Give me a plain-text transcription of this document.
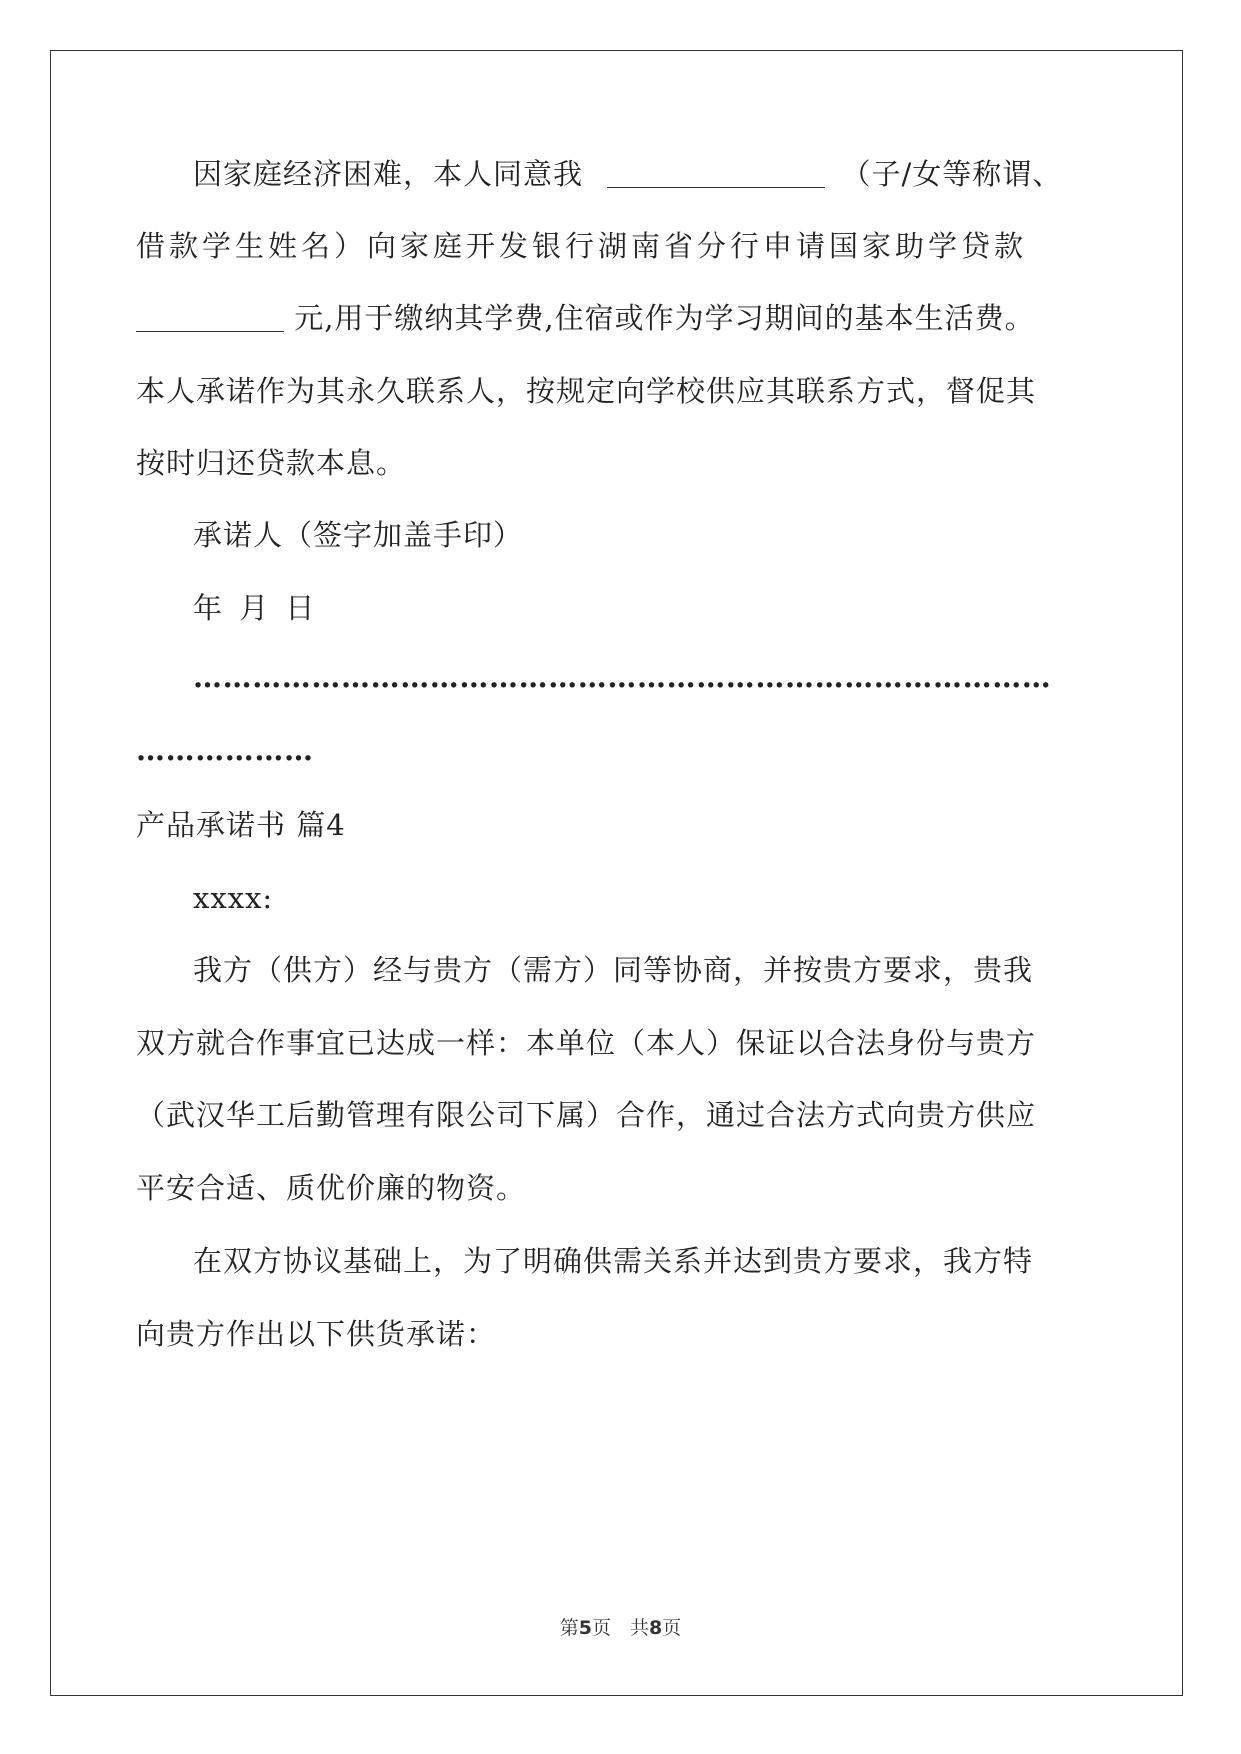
因家庭经济困难，本人同意我	（子/女等称谓、
借款学生姓名）向家庭开发银行湖南省分行申请国家助学贷款
元,用于缴纳其学费,住宿或作为学习期间的基本生活费。
本人承诺作为其永久联系人，按规定向学校供应其联系方式，督促其
按时归还贷款本息。
承诺人（签字加盖手印）
年 月 日
……………………………………………………………………………
………………
产品承诺书 篇4
xxxx:
我方（供方）经与贵方（需方）同等协商，并按贵方要求，贵我
双方就合作事宜已达成一样：本单位（本人）保证以合法身份与贵方
（武汉华工后勤管理有限公司下属）合作，通过合法方式向贵方供应
平安合适、质优价廉的物资。
在双方协议基础上，为了明确供需关系并达到贵方要求，我方特
向贵方作出以下供货承诺：
第5页　共8页
